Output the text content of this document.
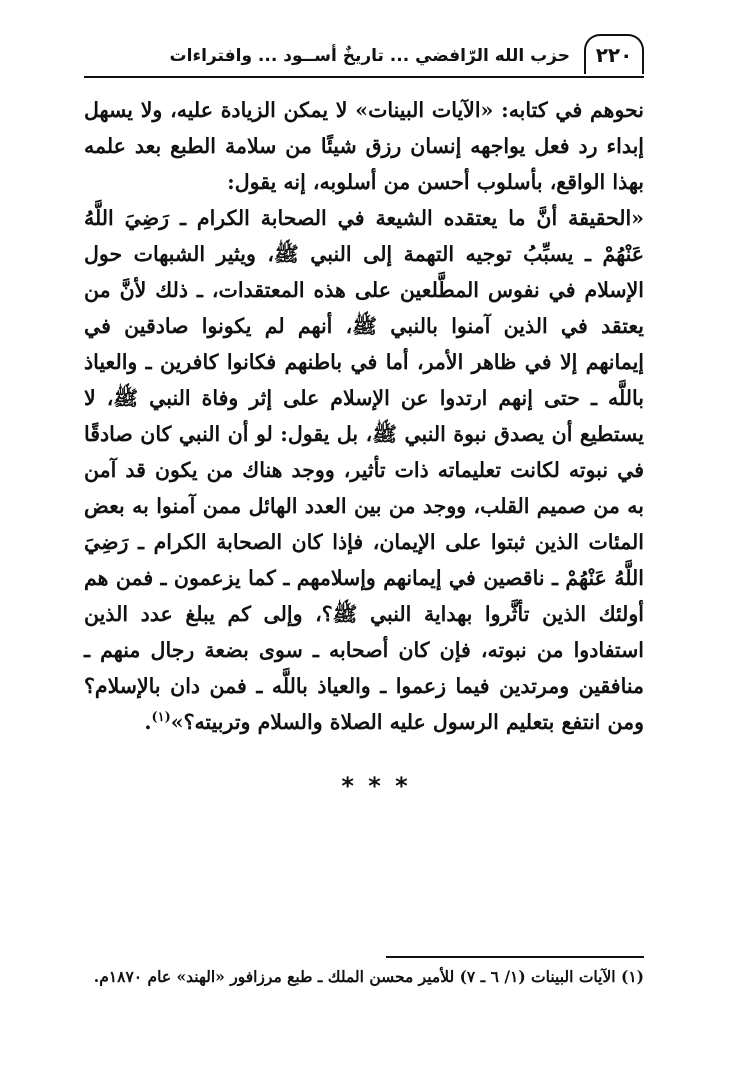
٢٢٠
حزب الله الرّافضي ... تاريخٌ أســود ... وافتراءات

نحوهم في كتابه: «الآيات البينات» لا يمكن الزيادة عليه، ولا يسهل إبداء رد فعل يواجهه إنسان رزق شيئًا من سلامة الطبع بعد علمه بهذا الواقع، بأسلوب أحسن من أسلوبه، إنه يقول:

«الحقيقة أنَّ ما يعتقده الشيعة في الصحابة الكرام ـ رَضِيَ اللَّهُ عَنْهُمْ ـ يسبِّبُ توجيه التهمة إلى النبي ﷺ، ويثير الشبهات حول الإسلام في نفوس المطَّلعين على هذه المعتقدات، ـ ذلك لأنَّ من يعتقد في الذين آمنوا بالنبي ﷺ، أنهم لم يكونوا صادقين في إيمانهم إلا في ظاهر الأمر، أما في باطنهم فكانوا كافرين ـ والعياذ باللَّه ـ حتى إنهم ارتدوا عن الإسلام على إثر وفاة النبي ﷺ، لا يستطيع أن يصدق نبوة النبي ﷺ، بل يقول: لو أن النبي كان صادقًا في نبوته لكانت تعليماته ذات تأثير، ووجد هناك من يكون قد آمن به من صميم القلب، ووجد من بين العدد الهائل ممن آمنوا به بعض المئات الذين ثبتوا على الإيمان، فإذا كان الصحابة الكرام ـ رَضِيَ اللَّهُ عَنْهُمْ ـ ناقصين في إيمانهم وإسلامهم ـ كما يزعمون ـ فمن هم أولئك الذين تأثَّروا بهداية النبي ﷺ؟، وإلى كم يبلغ عدد الذين استفادوا من نبوته، فإن كان أصحابه ـ سوى بضعة رجال منهم ـ منافقين ومرتدين فيما زعموا ـ والعياذ باللَّه ـ فمن دان بالإسلام؟ ومن انتفع بتعليم الرسول عليه الصلاة والسلام وتربيته؟»$^{(١)}$.

* * *
(١) الآيات البينات (١/ ٦ ـ ٧) للأمير محسن الملك ـ طبع مرزافور «الهند» عام ١٨٧٠م.
